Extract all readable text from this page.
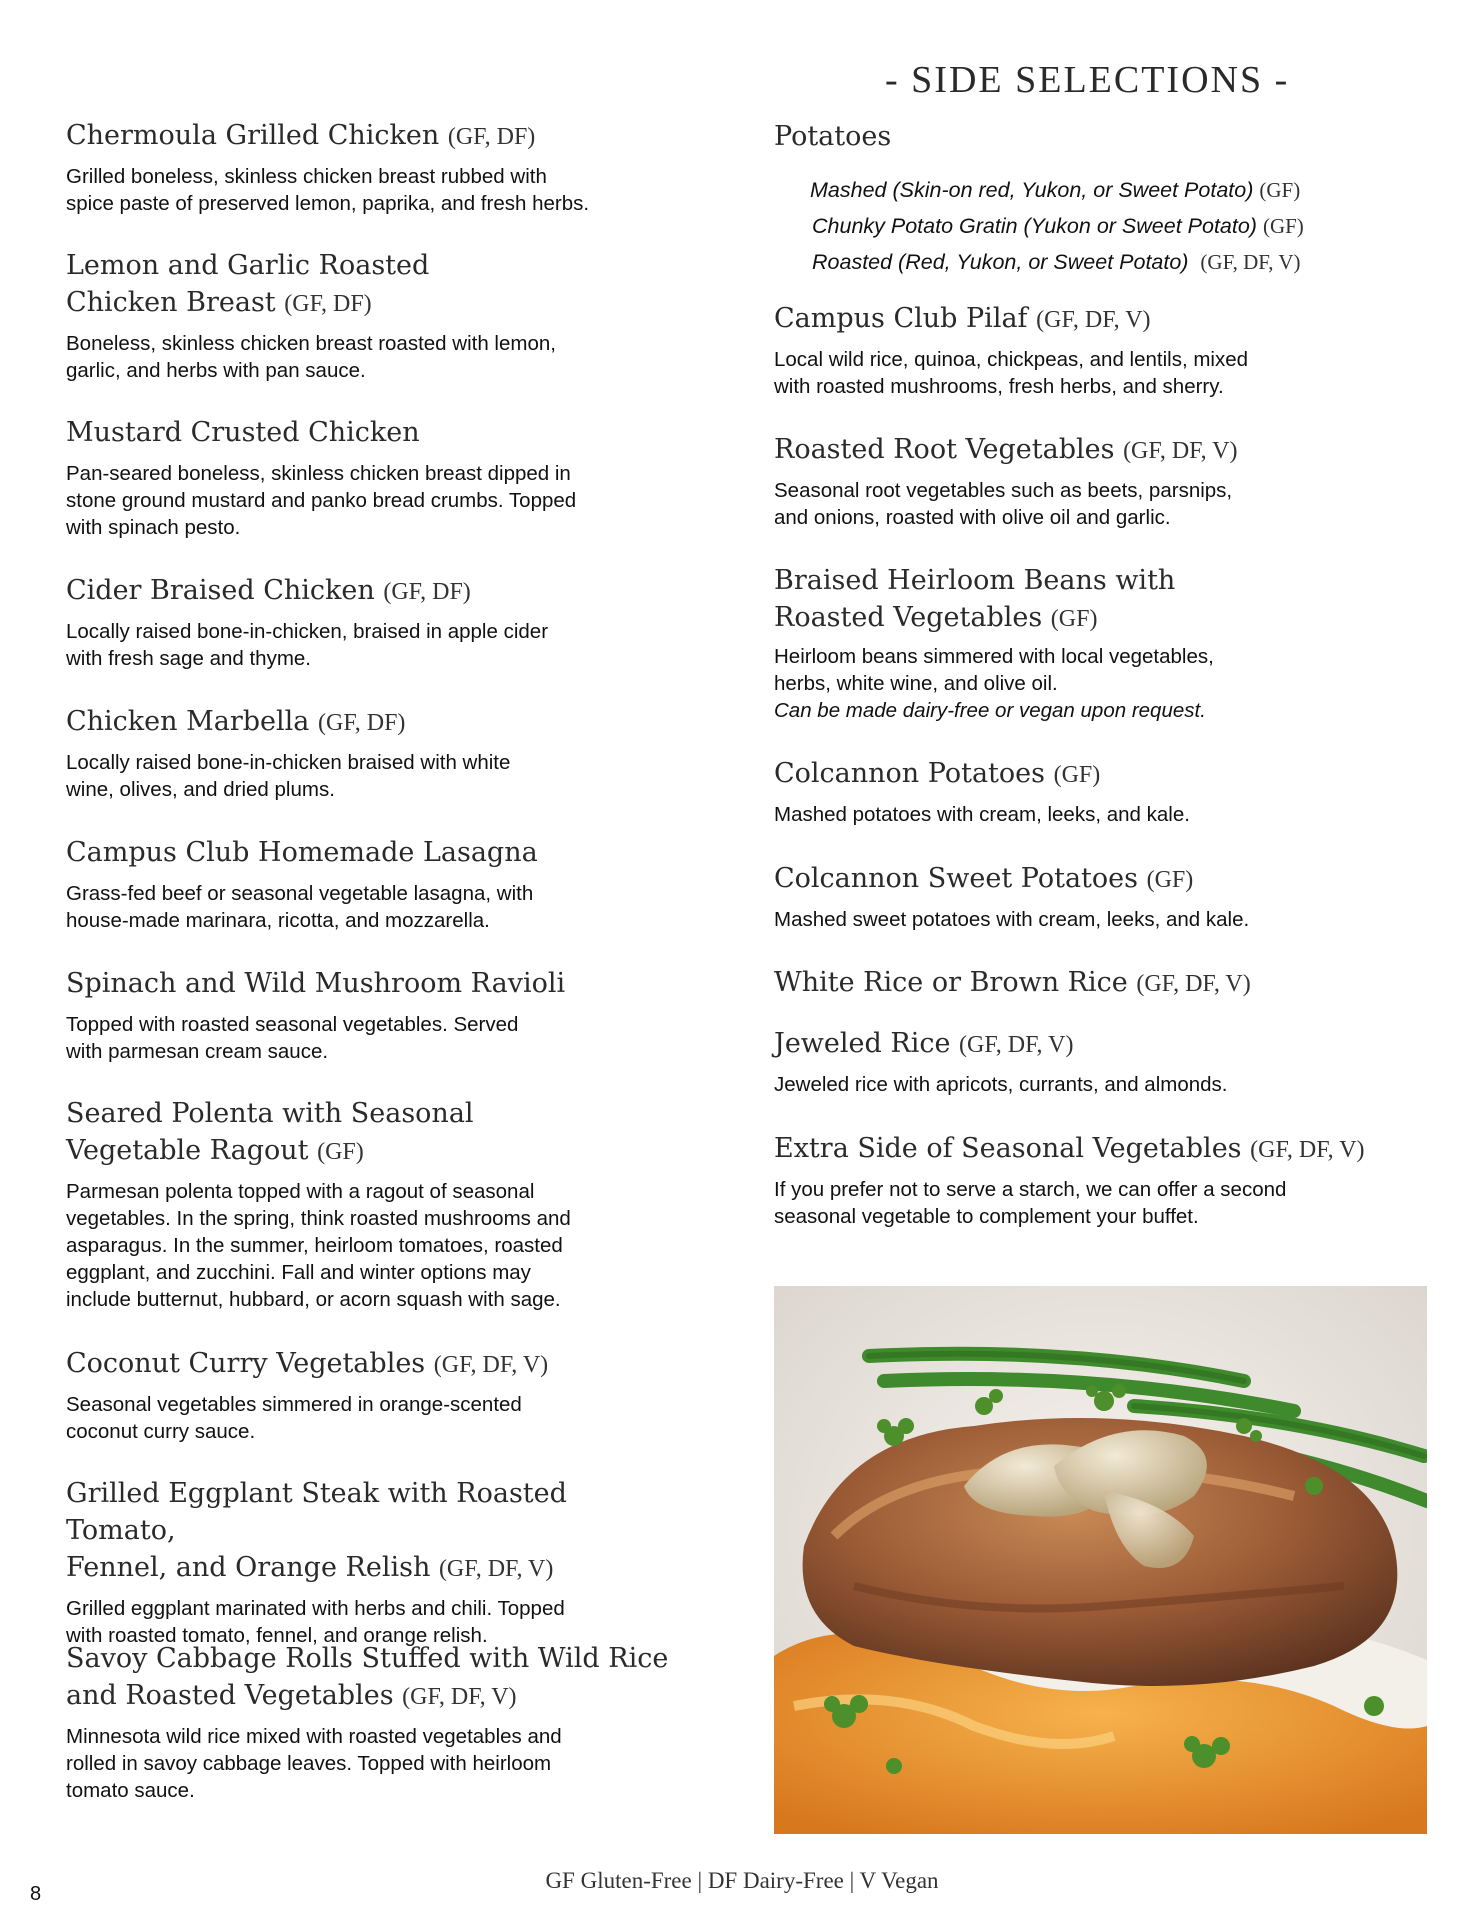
- SIDE SELECTIONS -
Chermoula Grilled Chicken (GF, DF)
Grilled boneless, skinless chicken breast rubbed with
spice paste of preserved lemon, paprika, and fresh herbs.
Lemon and Garlic Roasted
Chicken Breast (GF, DF)
Boneless, skinless chicken breast roasted with lemon,
garlic, and herbs with pan sauce.
Mustard Crusted Chicken
Pan-seared boneless, skinless chicken breast dipped in
stone ground mustard and panko bread crumbs. Topped
with spinach pesto.
Cider Braised Chicken (GF, DF)
Locally raised bone-in-chicken, braised in apple cider
with fresh sage and thyme.
Chicken Marbella (GF, DF)
Locally raised bone-in-chicken braised with white
wine, olives, and dried plums.
Campus Club Homemade Lasagna
Grass-fed beef or seasonal vegetable lasagna, with
house-made marinara, ricotta, and mozzarella.
Spinach and Wild Mushroom Ravioli
Topped with roasted seasonal vegetables. Served
with parmesan cream sauce.
Seared Polenta with Seasonal
Vegetable Ragout (GF)
Parmesan polenta topped with a ragout of seasonal
vegetables. In the spring, think roasted mushrooms and
asparagus. In the summer, heirloom tomatoes, roasted
eggplant, and zucchini. Fall and winter options may
include butternut, hubbard, or acorn squash with sage.
Coconut Curry Vegetables (GF, DF, V)
Seasonal vegetables simmered in orange-scented
coconut curry sauce.
Grilled Eggplant Steak with Roasted Tomato,
Fennel, and Orange Relish (GF, DF, V)
Grilled eggplant marinated with herbs and chili. Topped
with roasted tomato, fennel, and orange relish.
Savoy Cabbage Rolls Stuffed with Wild Rice
and Roasted Vegetables (GF, DF, V)
Minnesota wild rice mixed with roasted vegetables and
rolled in savoy cabbage leaves. Topped with heirloom
tomato sauce.
Potatoes
Mashed (Skin-on red, Yukon, or Sweet Potato) (GF)
Chunky Potato Gratin (Yukon or Sweet Potato) (GF)
Roasted (Red, Yukon, or Sweet Potato) (GF, DF, V)
Campus Club Pilaf (GF, DF, V)
Local wild rice, quinoa, chickpeas, and lentils, mixed
with roasted mushrooms, fresh herbs, and sherry.
Roasted Root Vegetables (GF, DF, V)
Seasonal root vegetables such as beets, parsnips,
and onions, roasted with olive oil and garlic.
Braised Heirloom Beans with
Roasted Vegetables (GF)
Heirloom beans simmered with local vegetables,
herbs, white wine, and olive oil.
Can be made dairy-free or vegan upon request.
Colcannon Potatoes (GF)
Mashed potatoes with cream, leeks, and kale.
Colcannon Sweet Potatoes (GF)
Mashed sweet potatoes with cream, leeks, and kale.
White Rice or Brown Rice (GF, DF, V)
Jeweled Rice (GF, DF, V)
Jeweled rice with apricots, currants, and almonds.
Extra Side of Seasonal Vegetables (GF, DF, V)
If you prefer not to serve a starch, we can offer a second
seasonal vegetable to complement your buffet.
GF Gluten-Free | DF Dairy-Free | V Vegan
8
